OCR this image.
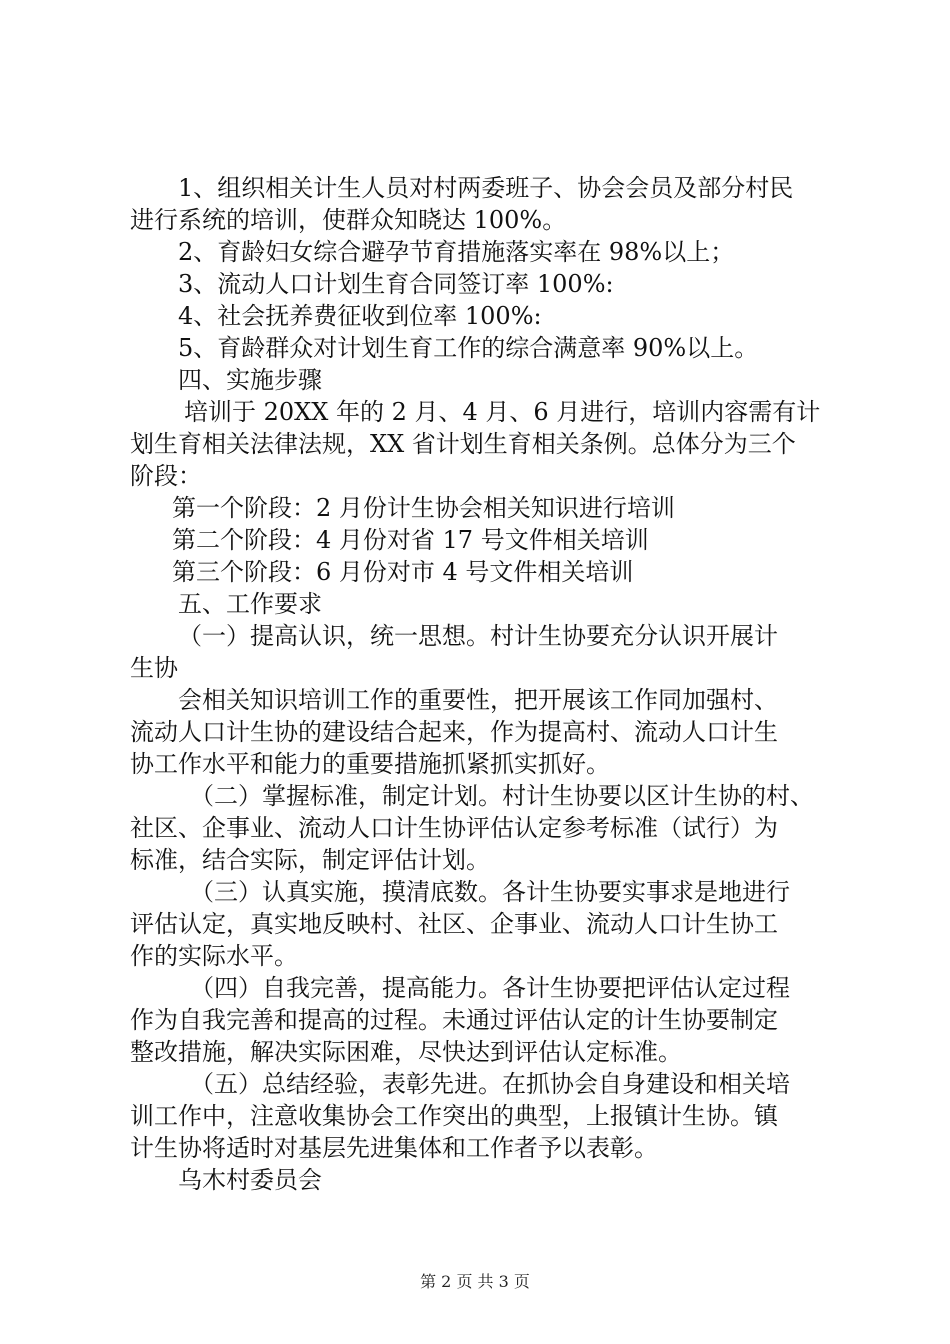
1、组织相关计生人员对村两委班子、协会会员及部分村民
进行系统的培训，使群众知晓达 100%。
2、育龄妇女综合避孕节育措施落实率在 98%以上；
3、流动人口计划生育合同签订率 100%:
4、社会抚养费征收到位率 100%:
5、育龄群众对计划生育工作的综合满意率 90%以上。
四、实施步骤
培训于 20XX 年的 2 月、4 月、6 月进行，培训内容需有计
划生育相关法律法规，XX 省计划生育相关条例。总体分为三个
阶段：
第一个阶段：2 月份计生协会相关知识进行培训
第二个阶段：4 月份对省 17 号文件相关培训
第三个阶段：6 月份对市 4 号文件相关培训
五、工作要求
（一）提高认识，统一思想。村计生协要充分认识开展计
生协
会相关知识培训工作的重要性，把开展该工作同加强村、
流动人口计生协的建设结合起来，作为提高村、流动人口计生
协工作水平和能力的重要措施抓紧抓实抓好。
（二）掌握标准，制定计划。村计生协要以区计生协的村、
社区、企事业、流动人口计生协评估认定参考标准（试行）为
标准，结合实际，制定评估计划。
（三）认真实施，摸清底数。各计生协要实事求是地进行
评估认定，真实地反映村、社区、企事业、流动人口计生协工
作的实际水平。
（四）自我完善，提高能力。各计生协要把评估认定过程
作为自我完善和提高的过程。未通过评估认定的计生协要制定
整改措施，解决实际困难，尽快达到评估认定标准。
（五）总结经验，表彰先进。在抓协会自身建设和相关培
训工作中，注意收集协会工作突出的典型，上报镇计生协。镇
计生协将适时对基层先进集体和工作者予以表彰。
乌木村委员会
第 2 页 共 3 页
